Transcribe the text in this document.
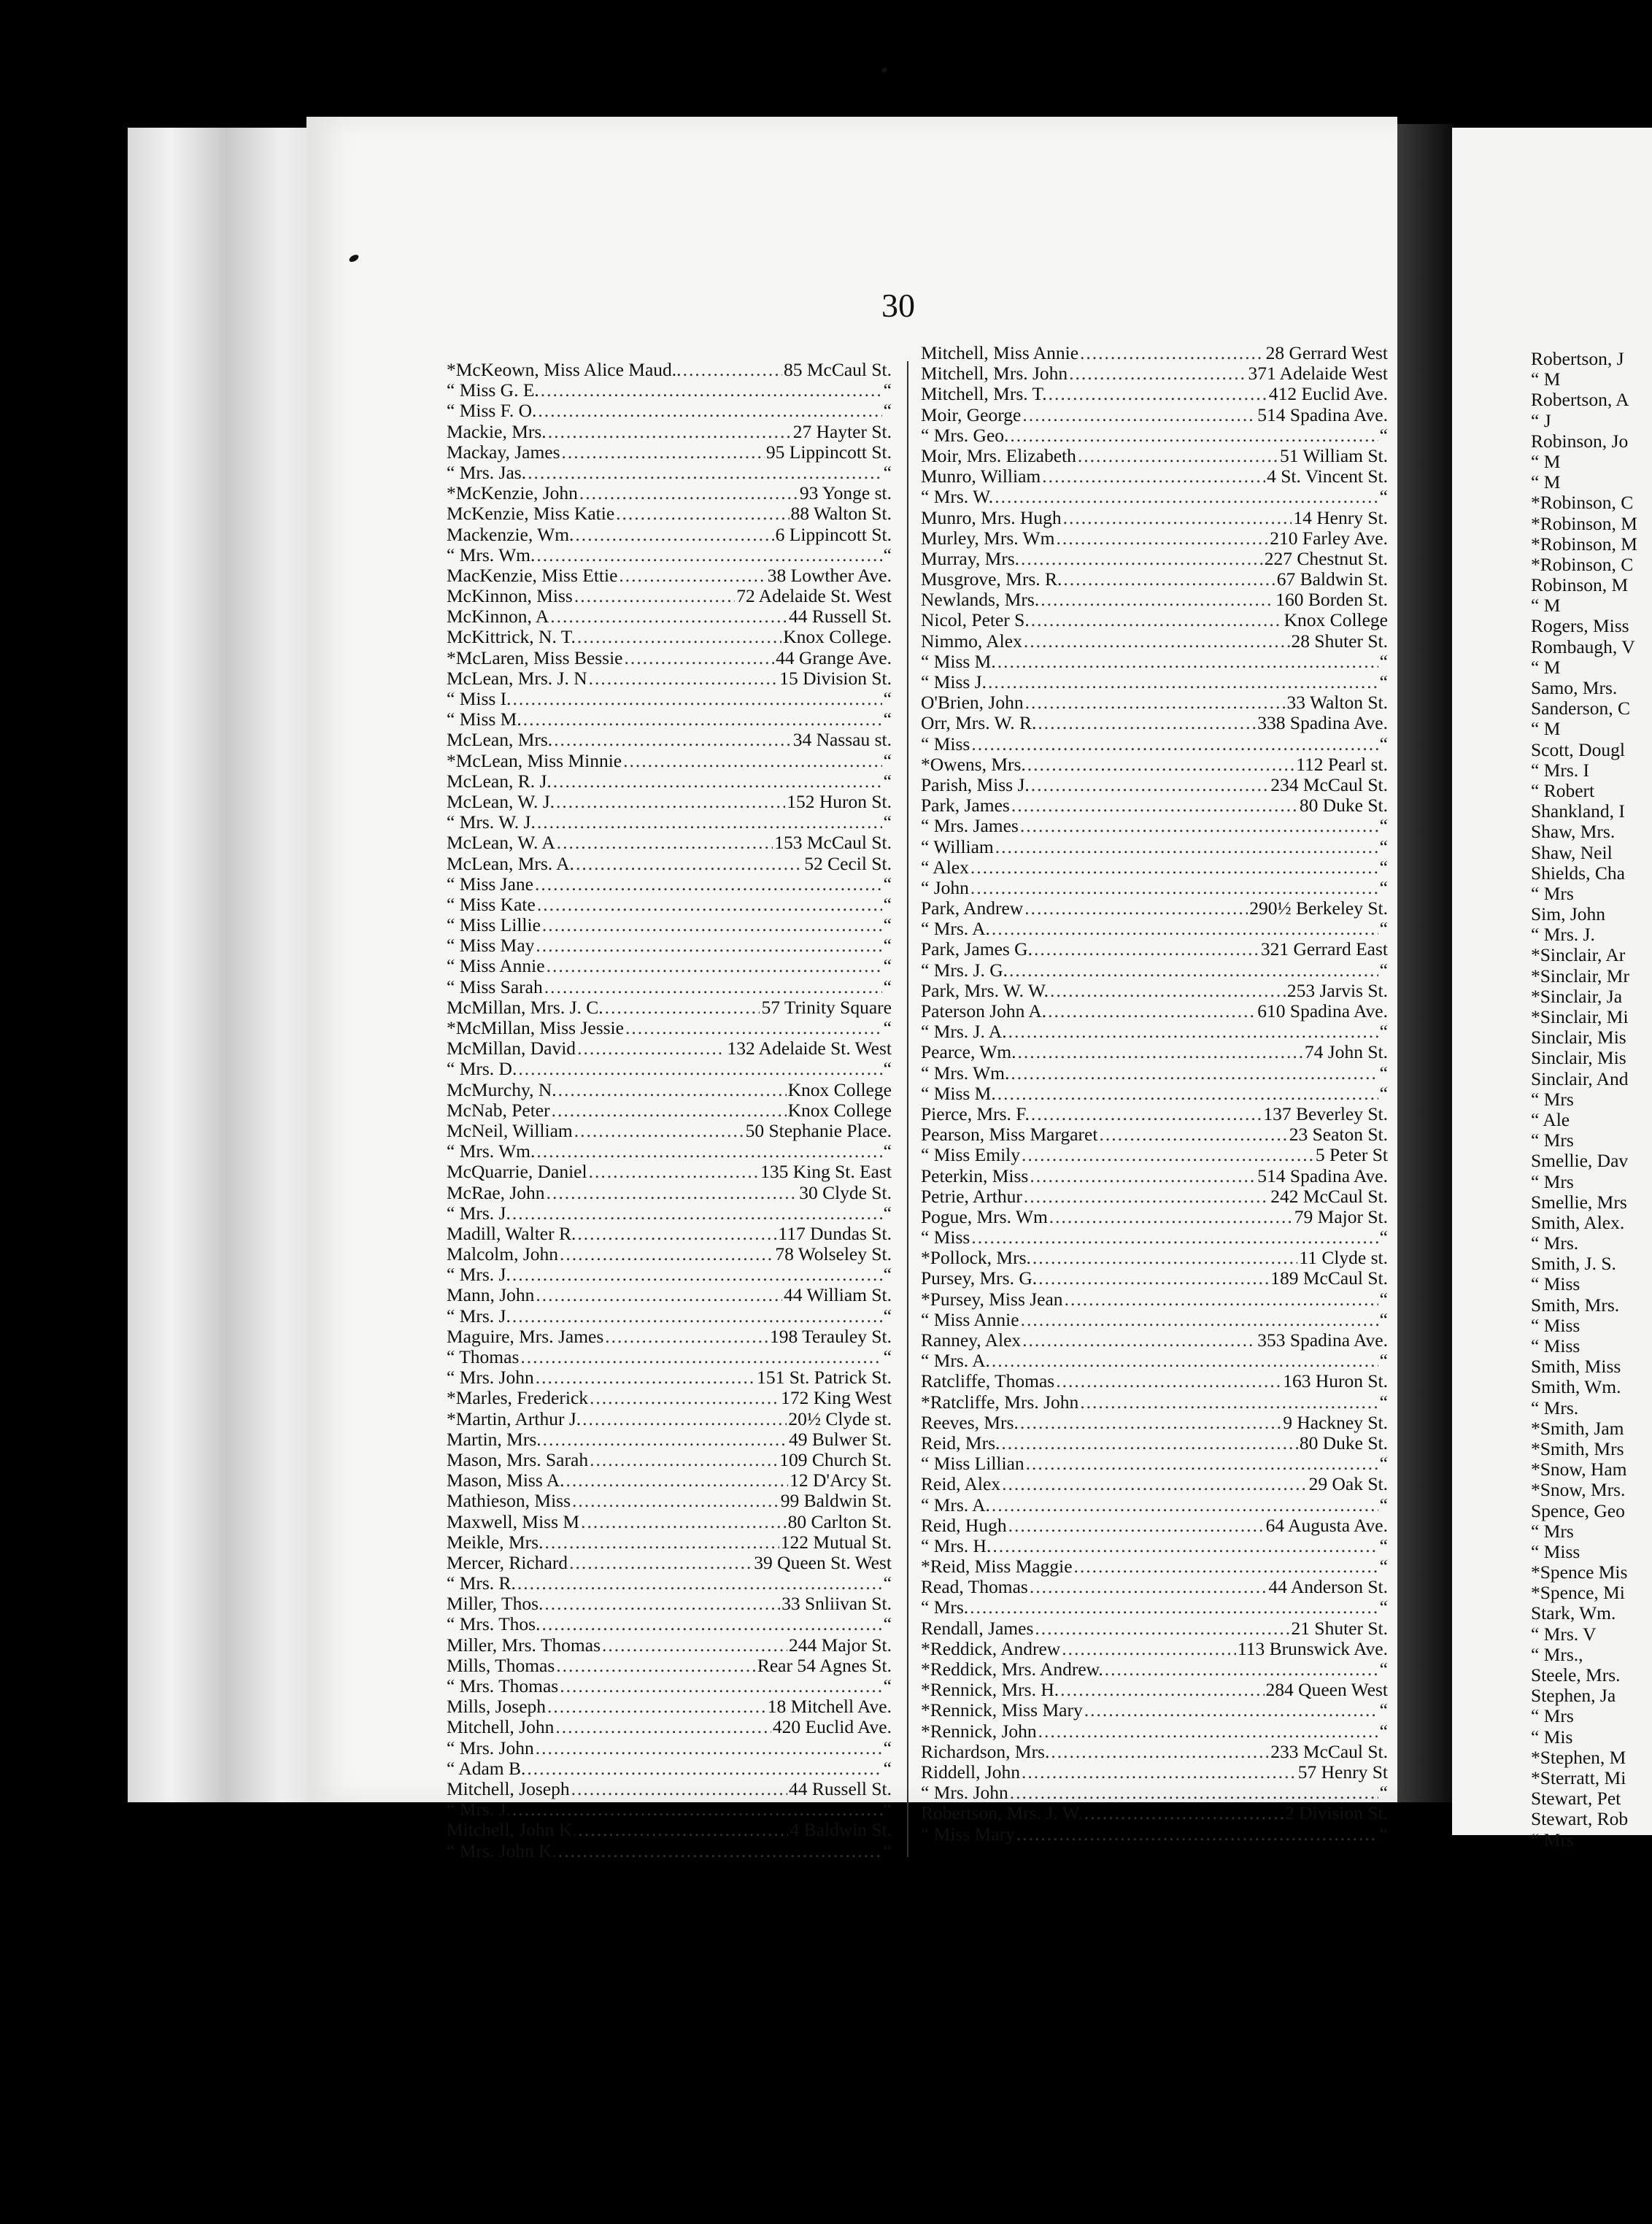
30
*McKeown, Miss Alice Maud.. .....	85 McCaul St.
“ Miss G. E. .....	“
“ Miss F. O. .....	“
Mackie, Mrs. .....	27 Hayter St.
Mackay, James .....	95 Lippincott St.
“ Mrs. Jas. .....	“
*McKenzie, John .....	93 Yonge st.
McKenzie, Miss Katie .....	88 Walton St.
Mackenzie, Wm. .....	6 Lippincott St.
“ Mrs. Wm. .....	“
MacKenzie, Miss Ettie .....	38 Lowther Ave.
McKinnon, Miss .....	72 Adelaide St. West
McKinnon, A .....	44 Russell St.
McKittrick, N. T. .....	Knox College.
*McLaren, Miss Bessie .....	44 Grange Ave.
McLean, Mrs. J. N .....	15 Division St.
“ Miss I. .....	“
“ Miss M. .....	“
McLean, Mrs. .....	34 Nassau st.
*McLean, Miss Minnie .....	“
McLean, R. J. .....	“
McLean, W. J. .....	152 Huron St.
“ Mrs. W. J. .....	“
McLean, W. A .....	153 McCaul St.
McLean, Mrs. A. .....	52 Cecil St.
“ Miss Jane .....	“
“ Miss Kate .....	“
“ Miss Lillie .....	“
“ Miss May .....	“
“ Miss Annie .....	“
“ Miss Sarah .....	“
McMillan, Mrs. J. C. .....	57 Trinity Square
*McMillan, Miss Jessie .....	“
McMillan, David .....	132 Adelaide St. West
“ Mrs. D. .....	“
McMurchy, N. .....	Knox College
McNab, Peter .....	Knox College
McNeil, William .....	50 Stephanie Place.
“ Mrs. Wm. .....	“
McQuarrie, Daniel .....	135 King St. East
McRae, John .....	30 Clyde St.
“ Mrs. J. .....	“
Madill, Walter R. .....	117 Dundas St.
Malcolm, John .....	78 Wolseley St.
“ Mrs. J. .....	“
Mann, John .....	44 William St.
“ Mrs. J. .....	“
Maguire, Mrs. James .....	198 Terauley St.
“ Thomas .....	“
“ Mrs. John .....	151 St. Patrick St.
*Marles, Frederick .....	172 King West
*Martin, Arthur J. .....	20½ Clyde st.
Martin, Mrs. .....	49 Bulwer St.
Mason, Mrs. Sarah .....	109 Church St.
Mason, Miss A. .....	12 D'Arcy St.
Mathieson, Miss .....	99 Baldwin St.
Maxwell, Miss M .....	80 Carlton St.
Meikle, Mrs. .....	122 Mutual St.
Mercer, Richard .....	39 Queen St. West
“ Mrs. R. .....	“
Miller, Thos. .....	33 Snliivan St.
“ Mrs. Thos. .....	“
Miller, Mrs. Thomas .....	244 Major St.
Mills, Thomas .....	Rear 54 Agnes St.
“ Mrs. Thomas .....	“
Mills, Joseph .....	18 Mitchell Ave.
Mitchell, John .....	420 Euclid Ave.
“ Mrs. John .....	“
“ Adam B. .....	“
Mitchell, Joseph .....	44 Russell St.
“ Mrs. J. .....	“
Mitchell, John K. .....	4 Baldwin St.
“ Mrs. John K. .....	“
Mitchell, Miss Annie .....	28 Gerrard West
Mitchell, Mrs. John .....	371 Adelaide West
Mitchell, Mrs. T. .....	412 Euclid Ave.
Moir, George .....	514 Spadina Ave.
“ Mrs. Geo. .....	“
Moir, Mrs. Elizabeth .....	51 William St.
Munro, William .....	4 St. Vincent St.
“ Mrs. W. .....	“
Munro, Mrs. Hugh .....	14 Henry St.
Murley, Mrs. Wm .....	210 Farley Ave.
Murray, Mrs. .....	227 Chestnut St.
Musgrove, Mrs. R. .....	67 Baldwin St.
Newlands, Mrs. .....	160 Borden St.
Nicol, Peter S. .....	Knox College
Nimmo, Alex .....	28 Shuter St.
“ Miss M. .....	“
“ Miss J. .....	“
O'Brien, John .....	33 Walton St.
Orr, Mrs. W. R. .....	338 Spadina Ave.
“ Miss .....	“
*Owens, Mrs. .....	112 Pearl st.
Parish, Miss J. .....	234 McCaul St.
Park, James .....	80 Duke St.
“ Mrs. James .....	“
“ William .....	“
“ Alex .....	“
“ John .....	“
Park, Andrew .....	290½ Berkeley St.
“ Mrs. A. .....	“
Park, James G. .....	321 Gerrard East
“ Mrs. J. G. .....	“
Park, Mrs. W. W. .....	253 Jarvis St.
Paterson John A. .....	610 Spadina Ave.
“ Mrs. J. A. .....	“
Pearce, Wm. .....	74 John St.
“ Mrs. Wm. .....	“
“ Miss M. .....	“
Pierce, Mrs. F. .....	137 Beverley St.
Pearson, Miss Margaret .....	23 Seaton St.
“ Miss Emily .....	5 Peter St
Peterkin, Miss .....	514 Spadina Ave.
Petrie, Arthur .....	242 McCaul St.
Pogue, Mrs. Wm .....	79 Major St.
“ Miss .....	“
*Pollock, Mrs. .....	11 Clyde st.
Pursey, Mrs. G. .....	189 McCaul St.
*Pursey, Miss Jean .....	“
“ Miss Annie .....	“
Ranney, Alex .....	353 Spadina Ave.
“ Mrs. A. .....	“
Ratcliffe, Thomas .....	163 Huron St.
*Ratcliffe, Mrs. John .....	“
Reeves, Mrs. .....	9 Hackney St.
Reid, Mrs. .....	80 Duke St.
“ Miss Lillian .....	“
Reid, Alex .....	29 Oak St.
“ Mrs. A. .....	“
Reid, Hugh .....	64 Augusta Ave.
“ Mrs. H. .....	“
*Reid, Miss Maggie .....	“
Read, Thomas .....	44 Anderson St.
“ Mrs. .....	“
Rendall, James .....	21 Shuter St.
*Reddick, Andrew .....	113 Brunswick Ave.
*Reddick, Mrs. Andrew. .....	“
*Rennick, Mrs. H. .....	284 Queen West
*Rennick, Miss Mary .....	“
*Rennick, John .....	“
Richardson, Mrs. .....	233 McCaul St.
Riddell, John .....	57 Henry St
“ Mrs. John .....	“
Robertson, Mrs. J. W. .....	2 Division St.
“ Miss Mary .....	“
Robertson, J
“ M
Robertson, A
“ J
Robinson, Jo
“ M
“ M
*Robinson, C
*Robinson, M
*Robinson, M
*Robinson, C
Robinson, M
“ M
Rogers, Miss
Rombaugh, V
“ M
Samo, Mrs.
Sanderson, C
“ M
Scott, Dougl
“ Mrs. I
“ Robert
Shankland, I
Shaw, Mrs.
Shaw, Neil
Shields, Cha
“ Mrs
Sim, John
“ Mrs. J.
*Sinclair, Ar
*Sinclair, Mr
*Sinclair, Ja
*Sinclair, Mi
Sinclair, Mis
Sinclair, Mis
Sinclair, And
“ Mrs
“ Ale
“ Mrs
Smellie, Dav
“ Mrs
Smellie, Mrs
Smith, Alex.
“ Mrs.
Smith, J. S.
“ Miss
Smith, Mrs.
“ Miss
“ Miss
Smith, Miss
Smith, Wm.
“ Mrs.
*Smith, Jam
*Smith, Mrs
*Snow, Ham
*Snow, Mrs.
Spence, Geo
“ Mrs
“ Miss
*Spence Mis
*Spence, Mi
Stark, Wm.
“ Mrs. V
“ Mrs.,
Steele, Mrs.
Stephen, Ja
“ Mrs
“ Mis
*Stephen, M
*Sterratt, Mi
Stewart, Pet
Stewart, Rob
“ Mrs
